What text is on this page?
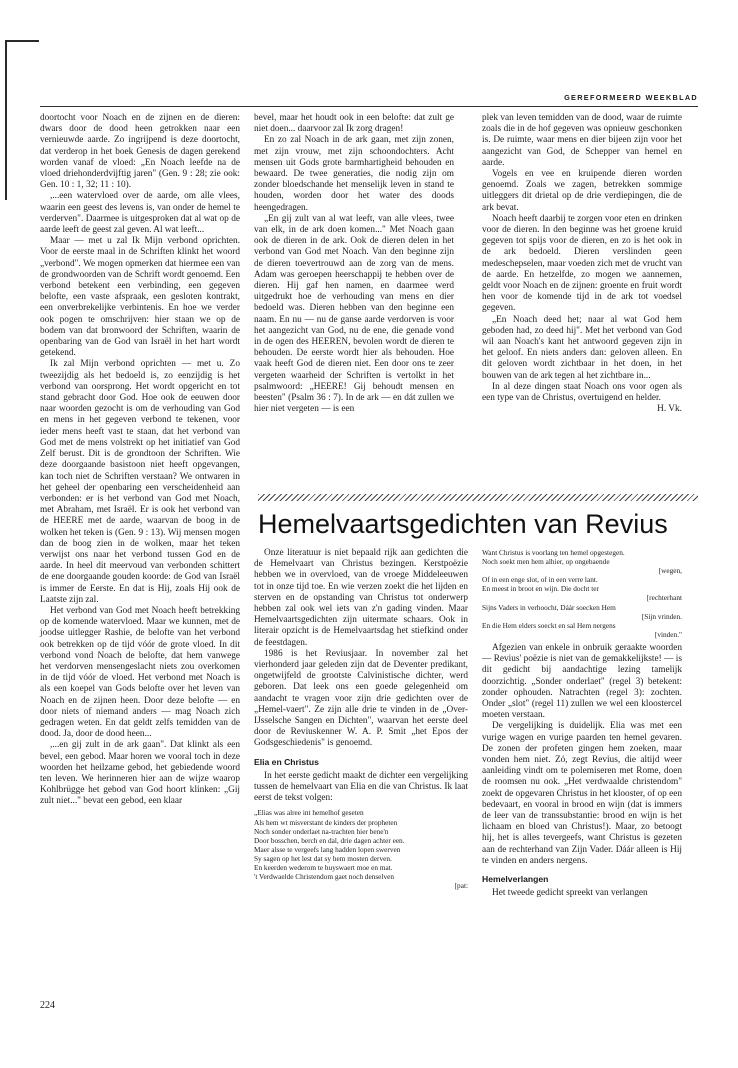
GEREFORMEERD WEEKBLAD

doortocht voor Noach en de zijnen en de dieren: dwars door de dood heen getrokken naar een vernieuwde aarde. Zo ingrijpend is deze doortocht, dat verderop in het boek Genesis de dagen gerekend worden vanaf de vloed: „En Noach leefde na de vloed driehonderdvijftig jaren" (Gen. 9 : 28; zie ook: Gen. 10 : 1, 32; 11 : 10).

,...een watervloed over de aarde, om alle vlees, waarin een geest des levens is, van onder de hemel te verderven". Daarmee is uitgesproken dat al wat op de aarde leeft de geest zal geven. Al wat leeft...

Maar — met u zal Ik Mijn verbond oprichten. Voor de eerste maal in de Schriften klinkt het woord „verbond". We mogen opmerken dat hiermee een van de grondwoorden van de Schrift wordt genoemd. Een verbond betekent een verbinding, een gegeven belofte, een vaste afspraak, een gesloten kontrakt, een onverbrekelijke verbintenis. En hoe we verder ook pogen te omschrijven: hier staan we op de bodem van dat bronwoord der Schriften, waarin de openbaring van de God van Israël in het hart wordt getekend.

Ik zal Mijn verbond oprichten — met u. Zo tweezijdig als het bedoeld is, zo eenzijdig is het verbond van oorsprong. Het wordt opgericht en tot stand gebracht door God. Hoe ook de eeuwen door naar woorden gezocht is om de verhouding van God en mens in het gegeven verbond te tekenen, voor ieder mens heeft vast te staan, dat het verbond van God met de mens volstrekt op het initiatief van God Zelf berust. Dit is de grondtoon der Schriften. Wie deze doorgaande basistoon niet heeft opgevangen, kan toch niet de Schriften verstaan? We ontwaren in het geheel der openbaring een verscheidenheid aan verbonden: er is het verbond van God met Noach, met Abraham, met Israël. Er is ook het verbond van de HEERE met de aarde, waarvan de boog in de wolken het teken is (Gen. 9 : 13). Wij mensen mogen dan de boog zien in de wolken, maar het teken verwijst ons naar het verbond tussen God en de aarde. In heel dit meervoud van verbonden schittert de ene doorgaande gouden koorde: de God van Israël is immer de Eerste. En dat is Hij, zoals Hij ook de Laatste zijn zal.

Het verbond van God met Noach heeft betrekking op de komende watervloed. Maar we kunnen, met de joodse uitlegger Rashie, de belofte van het verbond ook betrekken op de tijd vóór de grote vloed. In dit verbond vond Noach de belofte, dat hem vanwege het verdorven mensengeslacht niets zou overkomen in de tijd vóór de vloed. Het verbond met Noach is als een koepel van Gods belofte over het leven van Noach en de zijnen heen. Door deze belofte — en door niets of niemand anders — mag Noach zich gedragen weten. En dat geldt zelfs temidden van de dood. Ja, door de dood heen...

,...en gij zult in de ark gaan". Dat klinkt als een bevel, een gebod. Maar horen we vooral toch in deze woorden het heilzame gebod, het gebiedende woord ten leven. We herinneren hier aan de wijze waarop Kohlbrügge het gebod van God hoort klinken: „Gij zult niet..." bevat een gebod, een klaar

bevel, maar het houdt ook in een belofte: dat zult ge niet doen... daarvoor zal Ik zorg dragen!

En zo zal Noach in de ark gaan, met zijn zonen, met zijn vrouw, met zijn schoondochters. Acht mensen uit Gods grote barmhartigheid behouden en bewaard. De twee generaties, die nodig zijn om zonder bloedschande het menselijk leven in stand te houden, worden door het water des doods heengedragen.

„En gij zult van al wat leeft, van alle vlees, twee van elk, in de ark doen komen..." Met Noach gaan ook de dieren in de ark. Ook de dieren delen in het verbond van God met Noach. Van den beginne zijn de dieren toevertrouwd aan de zorg van de mens. Adam was geroepen heerschappij te hebben over de dieren. Hij gaf hen namen, en daarmee werd uitgedrukt hoe de verhouding van mens en dier bedoeld was. Dieren hebben van den beginne een naam. En nu — nu de ganse aarde verdorven is voor het aangezicht van God, nu de ene, die genade vond in de ogen des HEEREN, bevolen wordt de dieren te behouden. De eerste wordt hier als behouden. Hoe vaak heeft God de dieren niet. Een door ons te zeer vergeten waarheid der Schriften is vertolkt in het psalmwoord: „HEERE! Gij behoudt mensen en beesten" (Psalm 36 : 7). In de ark — en dát zullen we hier niet vergeten — is een

plek van leven temidden van de dood, waar de ruimte zoals die in de hof gegeven was opnieuw geschonken is. De ruimte, waar mens en dier bijeen zijn voor het aangezicht van God, de Schepper van hemel en aarde.

Vogels en vee en kruipende dieren worden genoemd. Zoals we zagen, betrekken sommige uitleggers dit drietal op de drie verdiepingen, die de ark bevat.

Noach heeft daarbij te zorgen voor eten en drinken voor de dieren. In den beginne was het groene kruid gegeven tot spijs voor de dieren, en zo is het ook in de ark bedoeld. Dieren verslinden geen medeschepselen, maar voeden zich met de vrucht van de aarde. En hetzelfde, zo mogen we aannemen, geldt voor Noach en de zijnen: groente en fruit wordt hen voor de komende tijd in de ark tot voedsel gegeven.

„En Noach deed het; naar al wat God hem geboden had, zo deed hij". Met het verbond van God wil aan Noach's kant het antwoord gegeven zijn in het geloof. En niets anders dan: geloven alleen. En dit geloven wordt zichtbaar in het doen, in het bouwen van de ark tegen al het zichtbare in...

In al deze dingen staat Noach ons voor ogen als een type van de Christus, overtuigend en helder.

H. Vk.
Hemelvaartsgedichten van Revius

Onze literatuur is niet bepaald rijk aan gedichten die de Hemelvaart van Christus bezingen. Kerstpoëzie hebben we in overvloed, van de vroege Middeleeuwen tot in onze tijd toe. En wie verzen zoekt die het lijden en sterven en de opstanding van Christus tot onderwerp hebben zal ook wel iets van z'n gading vinden. Maar Hemelvaartsgedichten zijn uitermate schaars. Ook in literair opzicht is de Hemelvaartsdag het stiefkind onder de feestdagen.

1986 is het Reviusjaar. In november zal het vierhonderd jaar geleden zijn dat de Deventer predikant, ongetwijfeld de grootste Calvinistische dichter, werd geboren. Dat leek ons een goede gelegenheid om aandacht te vragen voor zijn drie gedichten over de „Hemel-vaert". Ze zijn alle drie te vinden in de „Over-IJsselsche Sangen en Dichten", waarvan het eerste deel door de Reviuskenner W. A. P. Smit „het Epos der Godsgeschiedenis" is genoemd.

Elia en Christus

In het eerste gedicht maakt de dichter een vergelijking tussen de hemelvaart van Elia en die van Christus. Ik laat eerst de tekst volgen:

„Elias was alree int hemelhof geseten
Als hem wt misverstant de kinders der propheten
Noch sonder onderlaet na-trachten hier bene'n
Door bosschen, berch en dal, drie dagen achter een.
Maer alsse te vergeefs lang hadden lopen swerven
Sy sagen op het lest dat sy hem mosten derven.
En keerden wederom te huyswaert moe en mat.
't Verdwaelde Christendom gaet noch denselven
[pat:
Want Christus is voorlang ten hemel opgestegen.
Noch soekt men hem alhier, op ongebaende
[wegen,
Of in een enge slot, of in een verre lant.
En meest in broot en wijn. Die docht ter
[rechterhant
Sijns Vaders in verhoocht, Dáár soecken Hem
[Sijn vrinden.
En die Hem elders soeckt en sal Hem nergens
[vinden."

Afgezien van enkele in onbruik geraakte woorden — Revius' poëzie is niet van de gemakkelijkste! — is dit gedicht bij aandachtige lezing tamelijk doorzichtig. „Sonder onderlaet" (regel 3) betekent: zonder ophouden. Natrachten (regel 3): zochten. Onder „slot" (regel 11) zullen we wel een kloostercel moeten verstaan.

De vergelijking is duidelijk. Elia was met een vurige wagen en vurige paarden ten hemel gevaren. De zonen der profeten gingen hem zoeken, maar vonden hem niet. Zó, zegt Revius, die altijd weer aanleiding vindt om te polemiseren met Rome, doen de roomsen nu ook. „Het verdwaalde christendom" zoekt de opgevaren Christus in het klooster, of op een bedevaart, en vooral in brood en wijn (dat is immers de leer van de transsubstantie: brood en wijn is het lichaam en bloed van Christus!). Maar, zo betoogt hij, het is alles tevergeefs, want Christus is gezeten aan de rechterhand van Zijn Vader. Dáár alleen is Hij te vinden en anders nergens.

Hemelverlangen

Het tweede gedicht spreekt van verlangen

224
